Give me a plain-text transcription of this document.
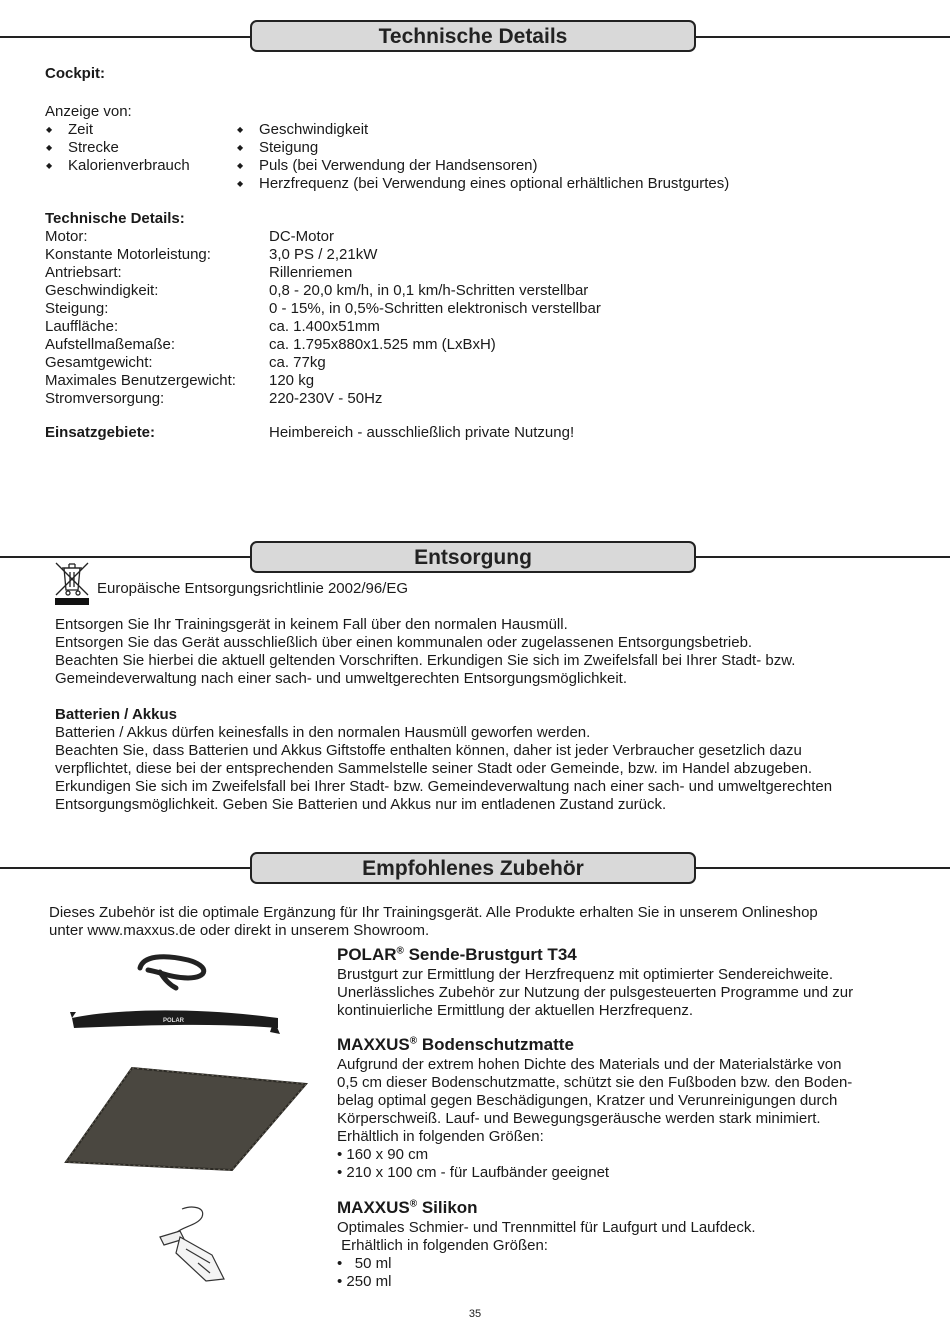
Technische Details
Cockpit:
Anzeige von:
◆ Zeit
◆ Strecke
◆ Kalorienverbrauch
◆ Geschwindigkeit
◆ Steigung
◆ Puls (bei Verwendung der Handsensoren)
◆ Herzfrequenz (bei Verwendung eines optional erhältlichen Brustgurtes)
Technische Details:
Motor:
Konstante Motorleistung:
Antriebsart:
Geschwindigkeit:
Steigung:
Lauffläche:
Aufstellmaßemaße:
Gesamtgewicht:
Maximales Benutzergewicht:
Stromversorgung:
DC-Motor
3,0 PS / 2,21kW
Rillenriemen
0,8 - 20,0 km/h, in 0,1 km/h-Schritten verstellbar
0 - 15%, in 0,5%-Schritten elektronisch verstellbar
ca. 1.400x51mm
ca. 1.795x880x1.525 mm (LxBxH)
ca. 77kg
120 kg
220-230V - 50Hz
Einsatzgebiete:	Heimbereich - ausschließlich private Nutzung!
Entsorgung
Europäische Entsorgungsrichtlinie 2002/96/EG
Entsorgen Sie Ihr Trainingsgerät in keinem Fall über den normalen Hausmüll.
Entsorgen Sie das Gerät ausschließlich über einen kommunalen oder zugelassenen Entsorgungsbetrieb.
Beachten Sie hierbei die aktuell geltenden Vorschriften. Erkundigen Sie sich im Zweifelsfall bei Ihrer Stadt- bzw.
Gemeindeverwaltung nach einer sach- und umweltgerechten Entsorgungsmöglichkeit.
Batterien / Akkus
Batterien / Akkus dürfen keinesfalls in den normalen Hausmüll geworfen werden.
Beachten Sie, dass Batterien und Akkus Giftstoffe enthalten können, daher ist jeder Verbraucher gesetzlich dazu
verpflichtet, diese bei der entsprechenden Sammelstelle seiner Stadt oder Gemeinde, bzw. im Handel abzugeben.
Erkundigen Sie sich im Zweifelsfall bei Ihrer Stadt- bzw. Gemeindeverwaltung nach einer sach- und umweltgerechten
Entsorgungsmöglichkeit. Geben Sie Batterien und Akkus nur im entladenen Zustand zurück.
Empfohlenes Zubehör
Dieses Zubehör ist die optimale Ergänzung für Ihr Trainingsgerät. Alle Produkte erhalten Sie in unserem Onlineshop
unter www.maxxus.de oder direkt in unserem Showroom.
POLAR
POLAR® Sende-Brustgurt T34
Brustgurt zur Ermittlung der Herzfrequenz mit optimierter Sendereichweite.
Unerlässliches Zubehör zur Nutzung der pulsgesteuerten Programme und zur
kontinuierliche Ermittlung der aktuellen Herzfrequenz.
MAXXUS® Bodenschutzmatte
Aufgrund der extrem hohen Dichte des Materials und der Materialstärke von
0,5 cm dieser Bodenschutzmatte, schützt sie den Fußboden bzw. den Boden-
belag optimal gegen Beschädigungen, Kratzer und Verunreinigungen durch
Körperschweiß. Lauf- und Bewegungsgeräusche werden stark minimiert.
Erhältlich in folgenden Größen:
• 160 x 90 cm
• 210 x 100 cm - für Laufbänder geeignet
MAXXUS® Silikon
Optimales Schmier- und Trennmittel für Laufgurt und Laufdeck.
Erhältlich in folgenden Größen:
•   50 ml
• 250 ml
35
